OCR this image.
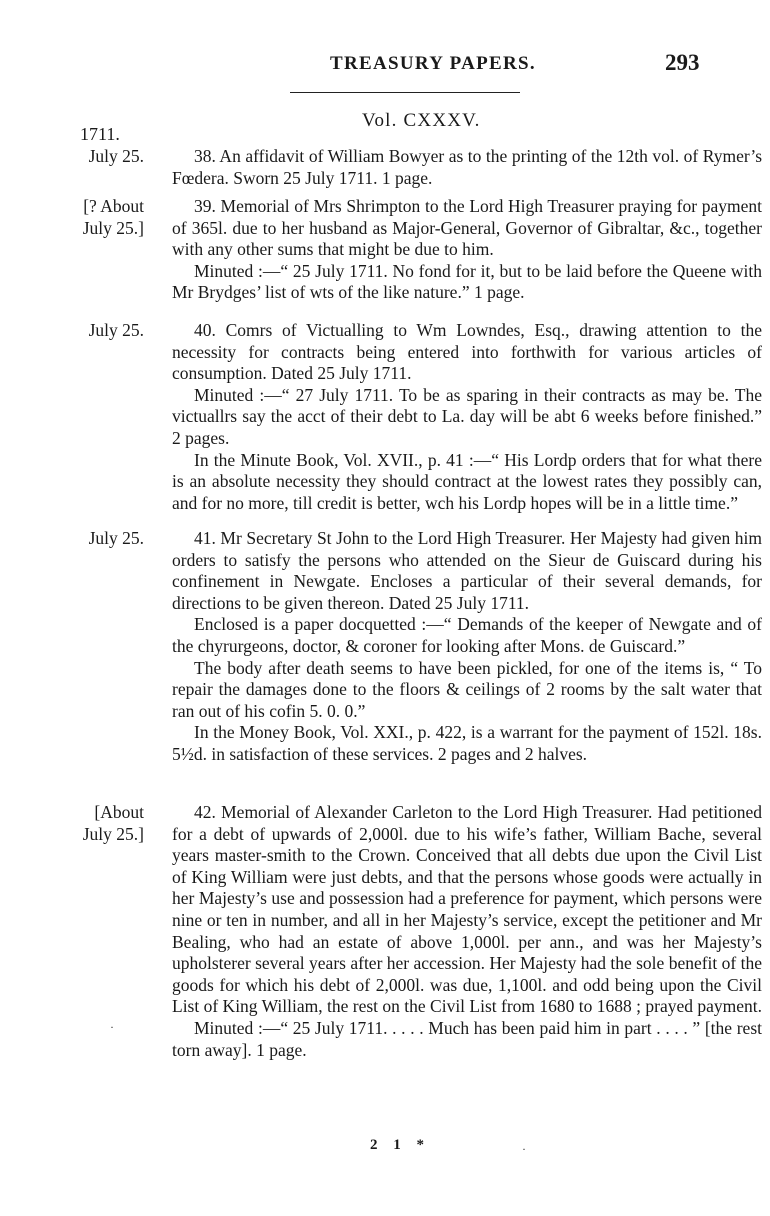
TREASURY PAPERS.	293
Vol. CXXXV.
1711.
July 25.	38. An affidavit of William Bowyer as to the printing of the 12th vol. of Rymer’s Fœdera. Sworn 25 July 1711. 1 page.

[? About
July 25.]

39. Memorial of Mrs Shrimpton to the Lord High Treasurer praying for payment of 365l. due to her husband as Major-General, Governor of Gibraltar, &c., together with any other sums that might be due to him.

Minuted :—“ 25 July 1711. No fond for it, but to be laid before the Queene with Mr Brydges’ list of wts of the like nature.” 1 page.

July 25.	40. Comrs of Victualling to Wm Lowndes, Esq., drawing attention to the necessity for contracts being entered into forthwith for various articles of consumption. Dated 25 July 1711.

Minuted :—“ 27 July 1711. To be as sparing in their contracts as may be. The victuallrs say the acct of their debt to La. day will be abt 6 weeks before finished.” 2 pages.

In the Minute Book, Vol. XVII., p. 41 :—“ His Lordp orders that for what there is an absolute necessity they should contract at the lowest rates they possibly can, and for no more, till credit is better, wch his Lordp hopes will be in a little time.”

July 25.	41. Mr Secretary St John to the Lord High Treasurer. Her Majesty had given him orders to satisfy the persons who attended on the Sieur de Guiscard during his confinement in Newgate. Encloses a particular of their several demands, for directions to be given thereon. Dated 25 July 1711.

Enclosed is a paper docquetted :—“ Demands of the keeper of Newgate and of the chyrurgeons, doctor, & coroner for looking after Mons. de Guiscard.”

The body after death seems to have been pickled, for one of the items is, “ To repair the damages done to the floors & ceilings of 2 rooms by the salt water that ran out of his cofin 5. 0. 0.”

In the Money Book, Vol. XXI., p. 422, is a warrant for the payment of 152l. 18s. 5½d. in satisfaction of these services. 2 pages and 2 halves.

[About
July 25.]

42. Memorial of Alexander Carleton to the Lord High Treasurer. Had petitioned for a debt of upwards of 2,000l. due to his wife’s father, William Bache, several years master-smith to the Crown. Conceived that all debts due upon the Civil List of King William were just debts, and that the persons whose goods were actually in her Majesty’s use and possession had a preference for payment, which persons were nine or ten in number, and all in her Majesty’s service, except the petitioner and Mr Bealing, who had an estate of above 1,000l. per ann., and was her Majesty’s upholsterer several years after her accession. Her Majesty had the sole benefit of the goods for which his debt of 2,000l. was due, 1,100l. and odd being upon the Civil List of King William, the rest on the Civil List from 1680 to 1688 ; prayed payment.

Minuted :—“ 25 July 1711. . . . . Much has been paid him in part . . . . ” [the rest torn away]. 1 page.

2 1 *
·
·
